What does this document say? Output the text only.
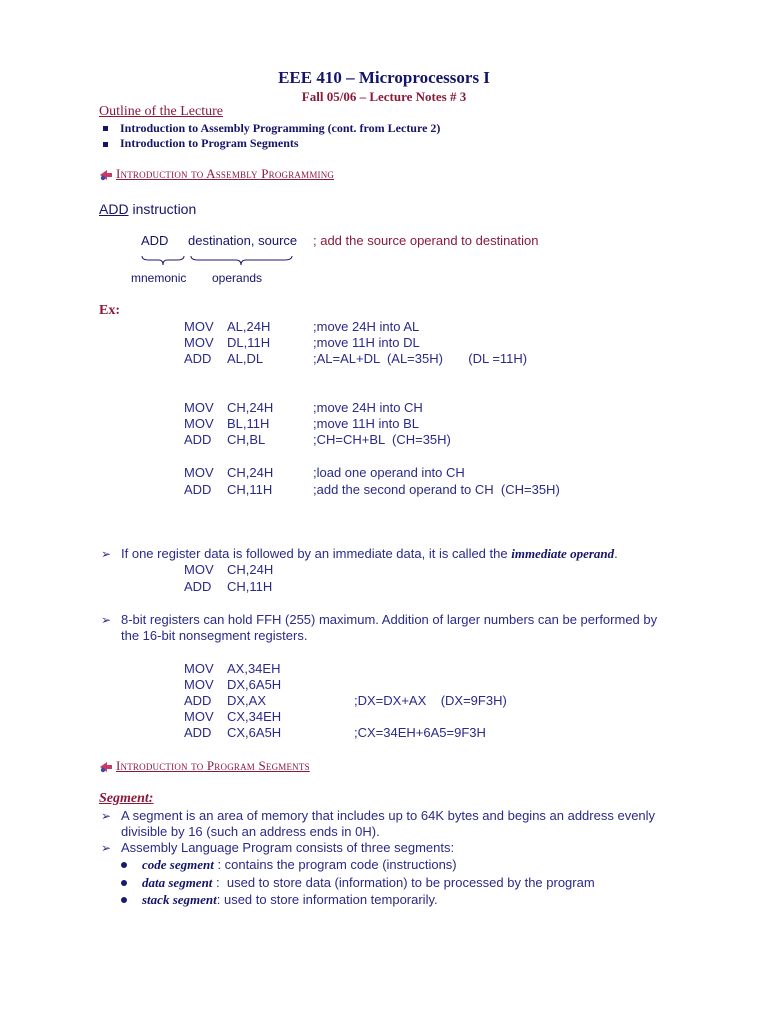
EEE 410 – Microprocessors I
Fall 05/06 – Lecture Notes # 3
Outline of the Lecture
Introduction to Assembly Programming (cont. from Lecture 2)
Introduction to Program Segments
Introduction to Assembly Programming
ADD instruction
ADD destination, source ; add the source operand to destination
mnemonic operands
Ex:
MOV AL,24H	;move 24H into AL
MOV DL,11H	;move 11H into DL
ADD AL,DL	;AL=AL+DL  (AL=35H)       (DL =11H)
MOV CH,24H	;move 24H into CH
MOV BL,11H	;move 11H into BL
ADD CH,BL	;CH=CH+BL  (CH=35H)
MOV CH,24H	;load one operand into CH
ADD CH,11H	;add the second operand to CH  (CH=35H)
➢ If one register data is followed by an immediate data, it is called the immediate operand.
MOV CH,24H
ADD CH,11H
➢ 8-bit registers can hold FFH (255) maximum. Addition of larger numbers can be performed by
the 16-bit nonsegment registers.
MOV AX,34EH
MOV DX,6A5H
ADD DX,AX	;DX=DX+AX    (DX=9F3H)
MOV CX,34EH
ADD CX,6A5H	;CX=34EH+6A5=9F3H
Introduction to Program Segments
Segment:
➢ A segment is an area of memory that includes up to 64K bytes and begins an address evenly
divisible by 16 (such an address ends in 0H).
➢ Assembly Language Program consists of three segments:
code segment : contains the program code (instructions)
data segment :  used to store data (information) to be processed by the program
stack segment: used to store information temporarily.
